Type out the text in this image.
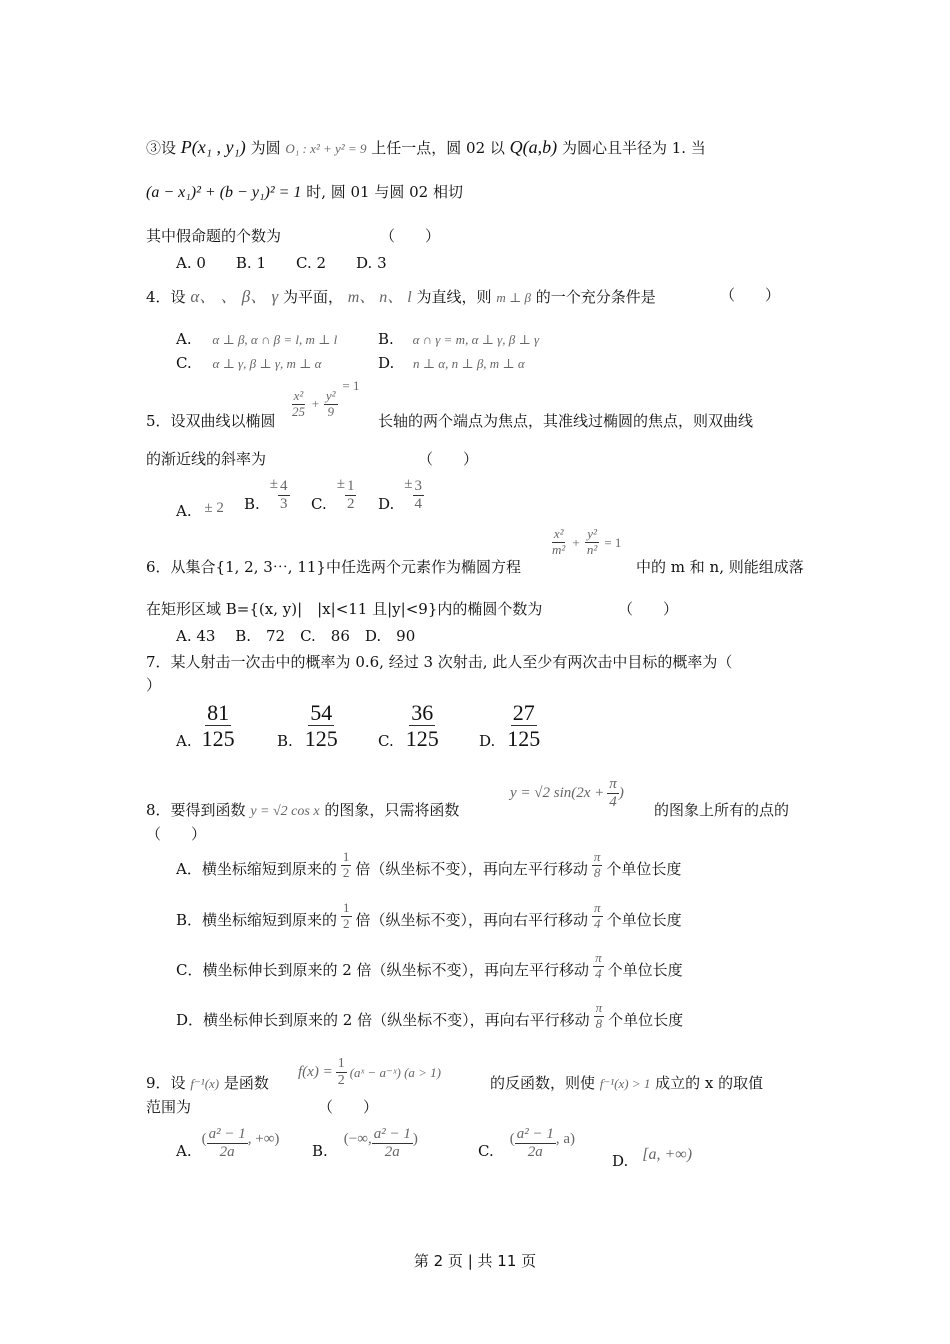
③设 P(x₁ , y₁) 为圆 O₁ : x² + y² = 9 上任一点，圆 02 以 Q(a,b) 为圆心且半径为 1. 当
(a − x₁)² + (b − y₁)² = 1 时, 圆 01 与圆 02 相切
其中假命题的个数为	（　　）
A. 0　　B. 1　　C. 2　　D. 3
4．设 α、 、 β、 γ 为平面， m、 n、 l 为直线，则 m ⊥ β 的一个充分条件是	（　　）
A. α ⊥ β, α ∩ β = l, m ⊥ l	B. α ∩ γ = m, α ⊥ γ, β ⊥ γ
C. α ⊥ γ, β ⊥ γ, m ⊥ α	D. n ⊥ α, n ⊥ β, m ⊥ α
5．设双曲线以椭圆
$\frac{\text{x²}}{25} + \frac{\text{y²}}{9}$
= 1
长轴的两个端点为焦点，其准线过椭圆的焦点，则双曲线
的渐近线的斜率为	（　　）
A. ± 2 B.
± $\frac{4}{3} C$.
± $\frac{1}{2} D$.
± $\frac{3}{4}$
6．从集合{1, 2, 3⋯, 11}中任选两个元素作为椭圆方程
$\frac{\text{x²}}{\text{m²}} + \frac{\text{y²}}{\text{n²}} = 1$
中的 m 和 n, 则能组成落
在矩形区域 B={(x, y)|　|x|<11 且|y|<9}内的椭圆个数为	（　　）
A. 43　 B.　72　C.　86　D.　90
7．某人射击一次击中的概率为 0.6, 经过 3 次射击, 此人至少有两次击中目标的概率为（
）
A. $\frac{81}{125}$	B. $\frac{54}{125}$	C. $\frac{36}{125}$	D. $\frac{27}{125}$
8．要得到函数 y = √2 cos x 的图象，只需将函数
y = √2 $\sin(2x + \frac{\pi}{4}$ )
的图象上所有的点的
（　　）
A．横坐标缩短到原来的 $\frac{1}{2}$ 倍（纵坐标不变），再向左平行移动 $\frac{\pi}{8}$ 个单位长度
B．横坐标缩短到原来的 $\frac{1}{2}$ 倍（纵坐标不变），再向右平行移动 $\frac{\pi}{4}$ 个单位长度
C．横坐标伸长到原来的 2 倍（纵坐标不变），再向左平行移动 $\frac{\pi}{4}$ 个单位长度
D．横坐标伸长到原来的 2 倍（纵坐标不变），再向右平行移动 $\frac{\pi}{8}$ 个单位长度
9．设 f⁻¹(x) 是函数
$f(x) = \frac{1}{2}$ (aˣ − a⁻ˣ) (a > 1)
的反函数，则使 f⁻¹(x) > 1 成立的 x 的取值
范围为	（　　）
A.
( $\frac{\text{a² − 1}}{2a}$ , +∞)
B.
(−∞, $\frac{\text{a² − 1}}{2a}$ )
C.
( $\frac{\text{a² − 1}}{2a}$ , a)
D. [a, +∞)
第 2 页 | 共 11 页
